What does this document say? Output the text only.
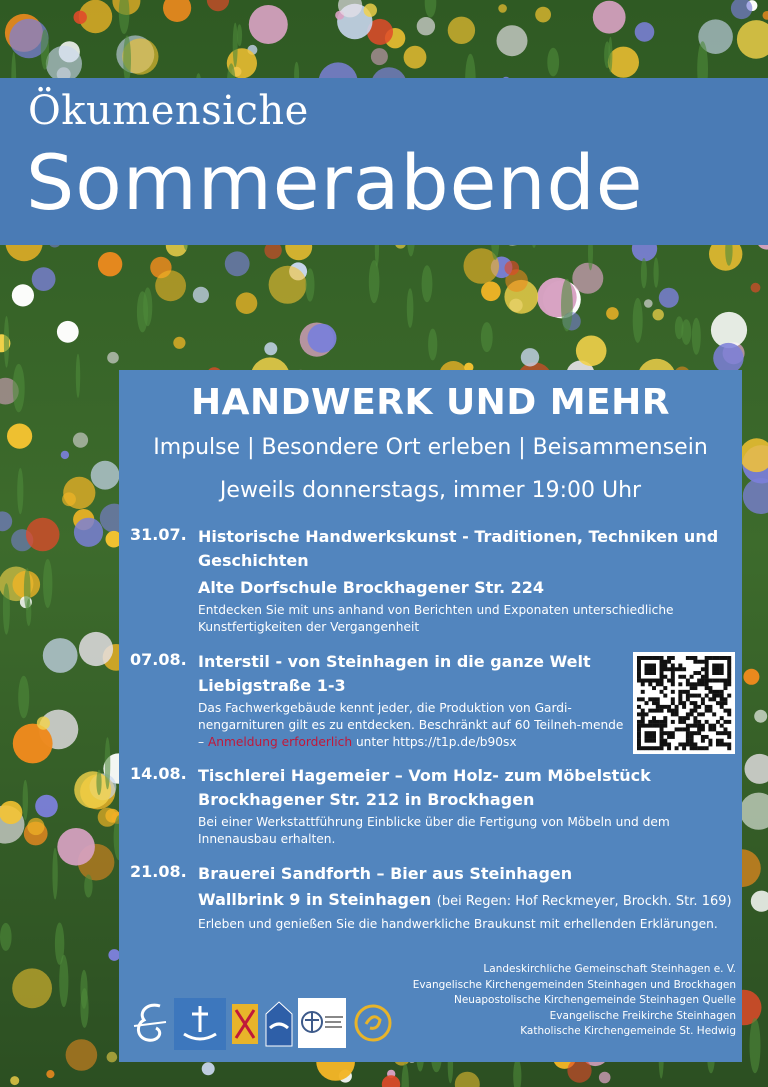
Ökumensiche
Sommerabende
HANDWERK UND MEHR
Impulse | Besondere Ort erleben | Beisammensein
Jeweils donnerstags, immer 19:00 Uhr
31.07. Historische Handwerkskunst - Traditionen, Techniken und Geschichten
Alte Dorfschule Brockhagener Str. 224
Entdecken Sie mit uns anhand von Berichten und Exponaten unterschiedliche Kunstfertigkeiten der Vergangenheit
07.08. Interstil - von Steinhagen in die ganze Welt
Liebigstraße 1-3
Das Fachwerkgebäude kennt jeder, die Produktion von Gardi-nengarnituren gilt es zu entdecken. Beschränkt auf 60 Teilneh-mende – Anmeldung erforderlich unter https://t1p.de/b90sx
14.08. Tischlerei Hagemeier – Vom Holz- zum Möbelstück
Brockhagener Str. 212 in Brockhagen
Bei einer Werkstattführung Einblicke über die Fertigung von Möbeln und dem Innenausbau erhalten.
21.08. Brauerei Sandforth – Bier aus Steinhagen
Wallbrink 9 in Steinhagen (bei Regen: Hof Reckmeyer, Brockh. Str. 169)
Erleben und genießen Sie die handwerkliche Braukunst mit erhellenden Erklärungen.
Landeskirchliche Gemeinschaft Steinhagen e. V.
Evangelische Kirchengemeinden Steinhagen und Brockhagen
Neuapostolische Kirchengemeinde Steinhagen Quelle
Evangelische Freikirche Steinhagen
Katholische Kirchengemeinde St. Hedwig
